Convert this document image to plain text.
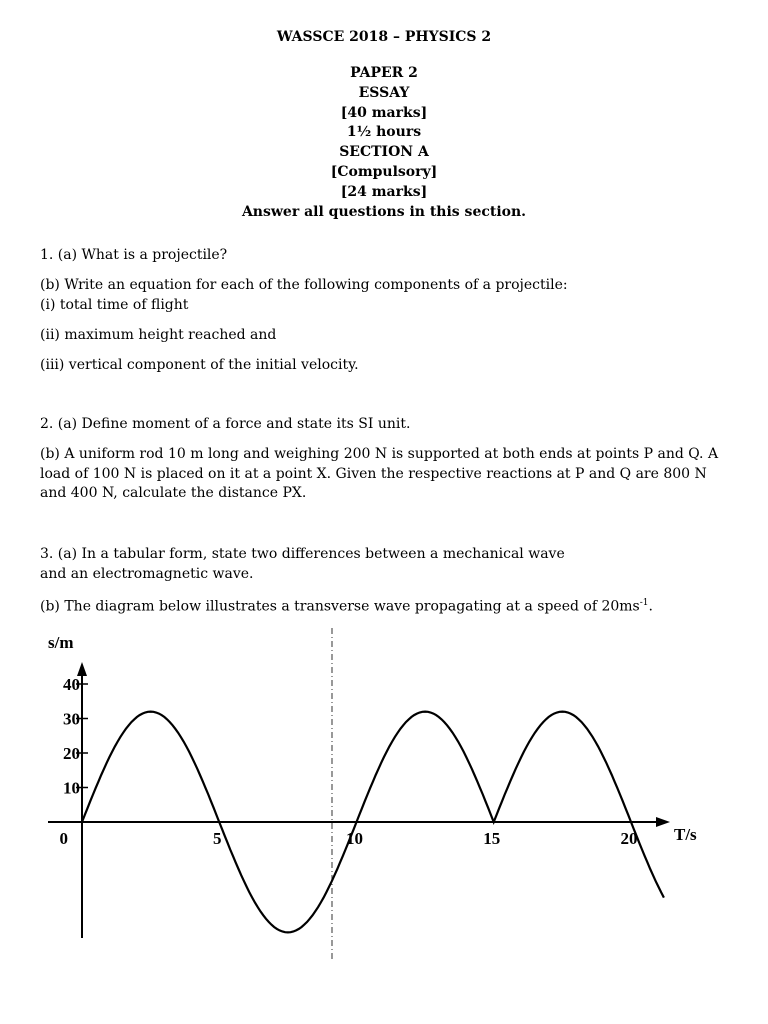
WASSCE 2018 – PHYSICS 2
PAPER 2
ESSAY
[40 marks]
1½ hours
SECTION A
[Compulsory]
[24 marks]
Answer all questions in this section.
1. (a) What is a projectile?
(b) Write an equation for each of the following components of a projectile:
(i) total time of flight
(ii) maximum height reached and
(iii) vertical component of the initial velocity.
2. (a) Define moment of a force and state its SI unit.
(b) A uniform rod 10 m long and weighing 200 N is supported at both ends at points P and Q. A load of 100 N is placed on it at a point X. Given the respective reactions at P and Q are 800 N and 400 N, calculate the distance PX.
3. (a) In a tabular form, state two differences between a mechanical wave and an electromagnetic wave.
(b) The diagram below illustrates a transverse wave propagating at a speed of $20ms^{-1}$.
s/m
10
20
30
40
0	5	10	15	20 T/s
